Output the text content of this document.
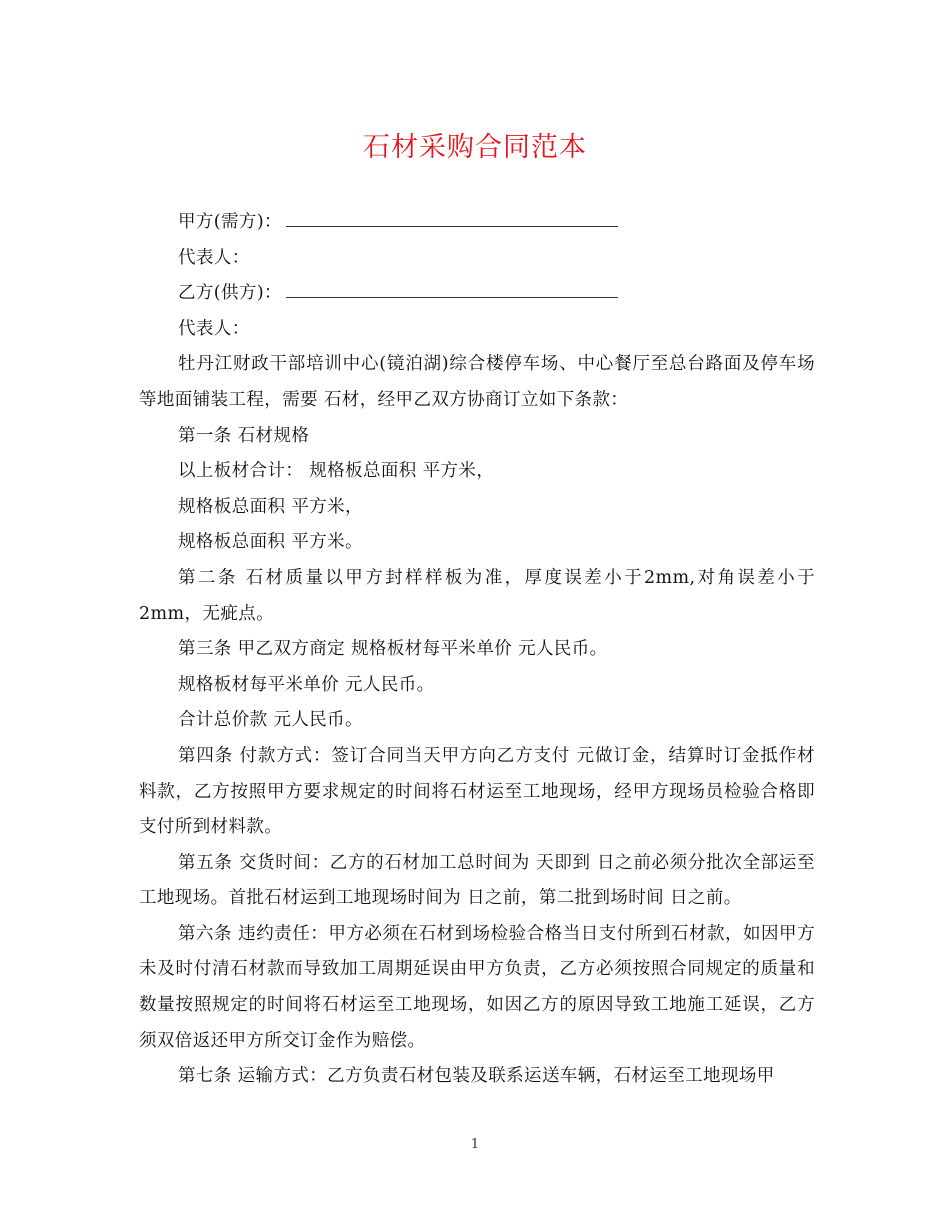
石材采购合同范本

甲方(需方)：

代表人：

乙方(供方)：

代表人：

牡丹江财政干部培训中心(镜泊湖)综合楼停车场、中心餐厅至总台路面及停车场等地面铺装工程，需要 石材，经甲乙双方协商订立如下条款：

第一条 石材规格

以上板材合计： 规格板总面积 平方米，

规格板总面积 平方米，

规格板总面积 平方米。

第二条 石材质量以甲方封样样板为准，厚度误差小于2mm,对角误差小于2mm，无疵点。

第三条 甲乙双方商定 规格板材每平米单价 元人民币。

规格板材每平米单价 元人民币。

合计总价款 元人民币。

第四条 付款方式：签订合同当天甲方向乙方支付 元做订金，结算时订金抵作材料款，乙方按照甲方要求规定的时间将石材运至工地现场，经甲方现场员检验合格即支付所到材料款。

第五条 交货时间：乙方的石材加工总时间为 天即到 日之前必须分批次全部运至工地现场。首批石材运到工地现场时间为 日之前，第二批到场时间 日之前。

第六条 违约责任：甲方必须在石材到场检验合格当日支付所到石材款，如因甲方未及时付清石材款而导致加工周期延误由甲方负责，乙方必须按照合同规定的质量和数量按照规定的时间将石材运至工地现场，如因乙方的原因导致工地施工延误，乙方须双倍返还甲方所交订金作为赔偿。

第七条 运输方式：乙方负责石材包装及联系运送车辆，石材运至工地现场甲

1
